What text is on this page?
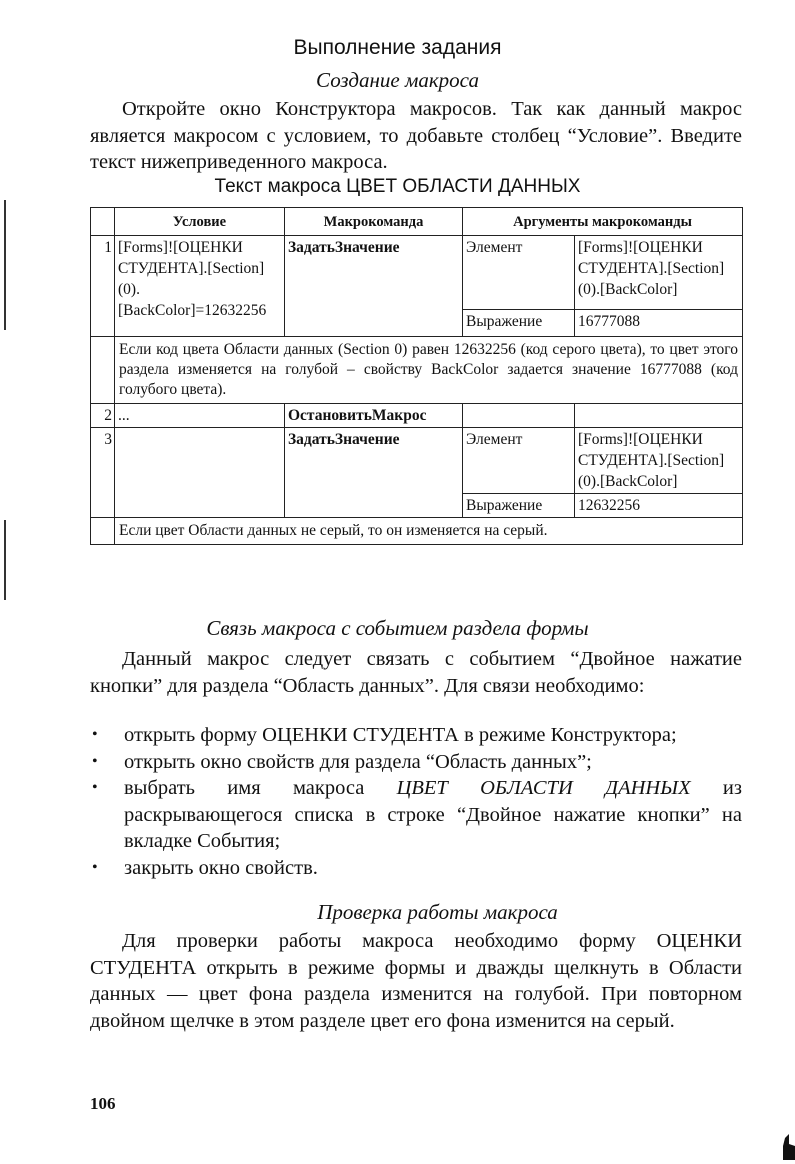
Выполнение задания
Создание макроса
Откройте окно Конструктора макросов. Так как данный макрос является макросом с условием, то добавьте столбец “Условие”. Введите текст нижеприведенного макроса.
Текст макроса ЦВЕТ ОБЛАСТИ ДАННЫХ
	Условие	Макрокоманда	Аргументы макрокоманды	
1	[Forms]![ОЦЕНКИ СТУДЕНТА].[Section](0).[BackColor]=12632256	ЗадатьЗначение	Элемент	[Forms]![ОЦЕНКИ СТУДЕНТА].[Section](0).[BackColor]
			Выражение	16777088
	Если код цвета Области данных (Section 0) равен 12632256 (код серого цвета), то цвет этого раздела изменяется на голубой – свойству BackColor задается значение 16777088 (код голубого цвета).			
2	...	ОстановитьМакрос		
3		ЗадатьЗначение	Элемент	[Forms]![ОЦЕНКИ СТУДЕНТА].[Section](0).[BackColor]
			Выражение	12632256
	Если цвет Области данных не серый, то он изменяется на серый.			
Связь макроса с событием раздела формы
Данный макрос следует связать с событием “Двойное нажатие кнопки” для раздела “Область данных”. Для связи необходимо:
• открыть форму ОЦЕНКИ СТУДЕНТА в режиме Конструктора;
• открыть окно свойств для раздела “Область данных”;
• выбрать имя макроса ЦВЕТ ОБЛАСТИ ДАННЫХ из раскрывающегося списка в строке “Двойное нажатие кнопки” на вкладке События;
• закрыть окно свойств.
Проверка работы макроса
Для проверки работы макроса необходимо форму ОЦЕНКИ СТУДЕНТА открыть в режиме формы и дважды щелкнуть в Области данных — цвет фона раздела изменится на голубой. При повторном двойном щелчке в этом разделе цвет его фона изменится на серый.
106
